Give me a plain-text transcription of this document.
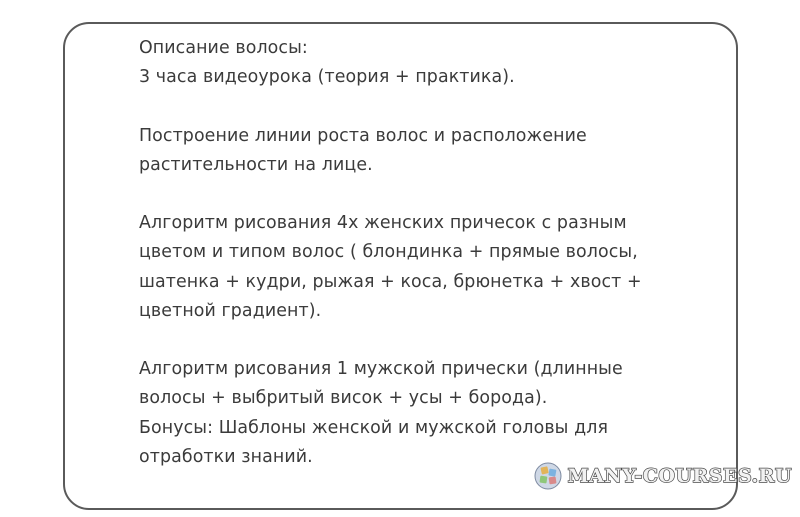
Описание волосы:
3 часа видеоурока (теория + практика).

Построение линии роста волос и расположение
растительности на лице.

Алгоритм рисования 4х женских причесок с разным
цветом и типом волос ( блондинка + прямые волосы,
шатенка + кудри, рыжая + коса, брюнетка + хвост +
цветной градиент).

Алгоритм рисования 1 мужской прически (длинные
волосы + выбритый висок + усы + борода).

Бонусы: Шаблоны женской и мужской головы для
отработки знаний.

MANY-COURSES.RU
